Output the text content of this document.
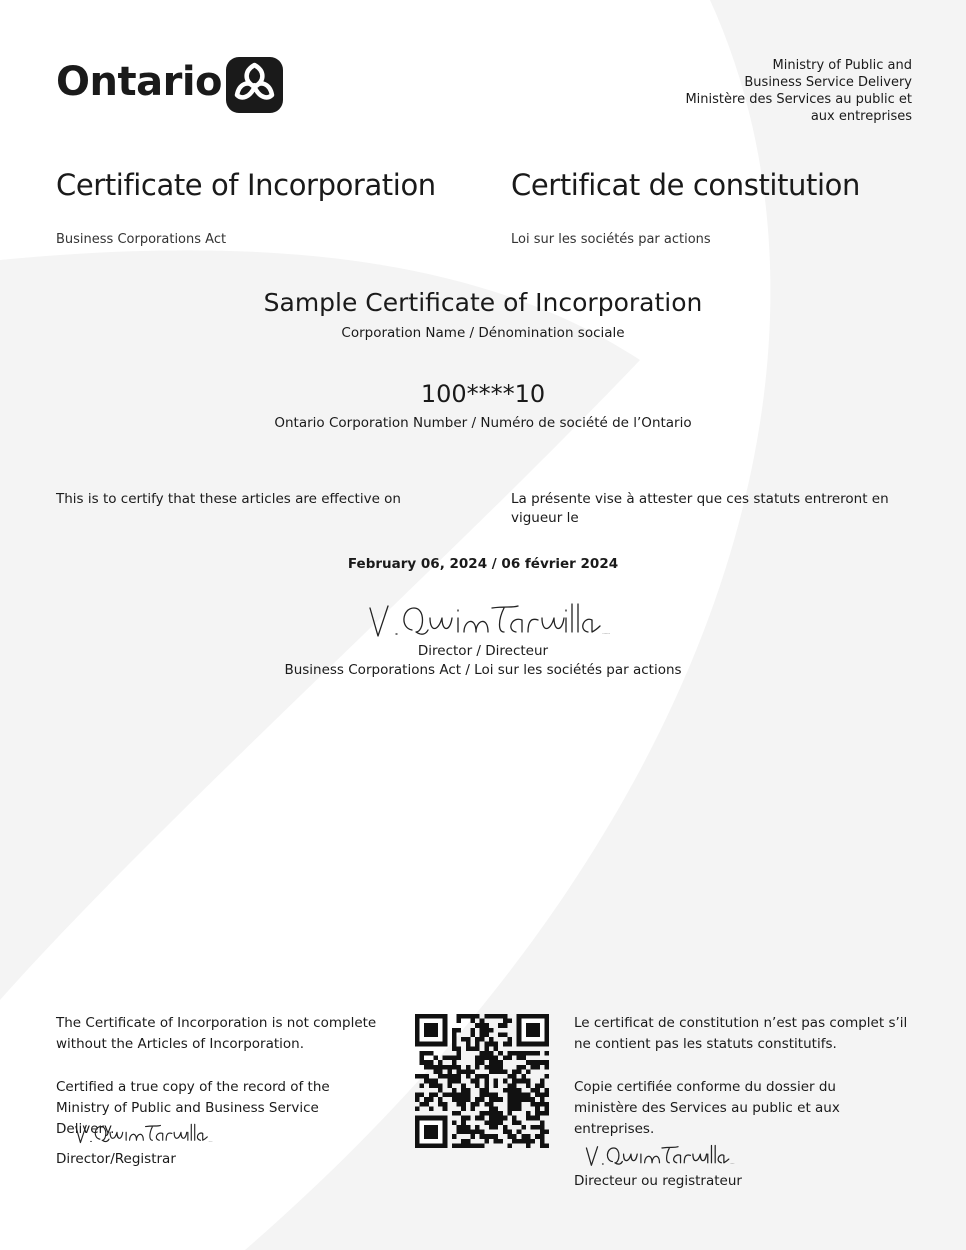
Ontario	Ministry of Public and
Business Service Delivery
Ministère des Services au public et
aux entreprises
Certificate of Incorporation	Certificat de constitution
Business Corporations Act	Loi sur les sociétés par actions
Sample Certificate of Incorporation
Corporation Name / Dénomination sociale
100****10
Ontario Corporation Number / Numéro de société de l’Ontario
This is to certify that these articles are effective on	La présente vise à attester que ces statuts entreront en
vigueur le
February 06, 2024 / 06 février 2024
V. Quintanilla W.
Director / Directeur
Business Corporations Act / Loi sur les sociétés par actions
The Certificate of Incorporation is not complete
without the Articles of Incorporation.
Certified a true copy of the record of the
Ministry of Public and Business Service
Delivery.
V. Quintanilla W.
Director/Registrar
Le certificat de constitution n’est pas complet s’il
ne contient pas les statuts constitutifs.
Copie certifiée conforme du dossier du
ministère des Services au public et aux
entreprises.
V. Quintanilla W.
Directeur ou registrateur
